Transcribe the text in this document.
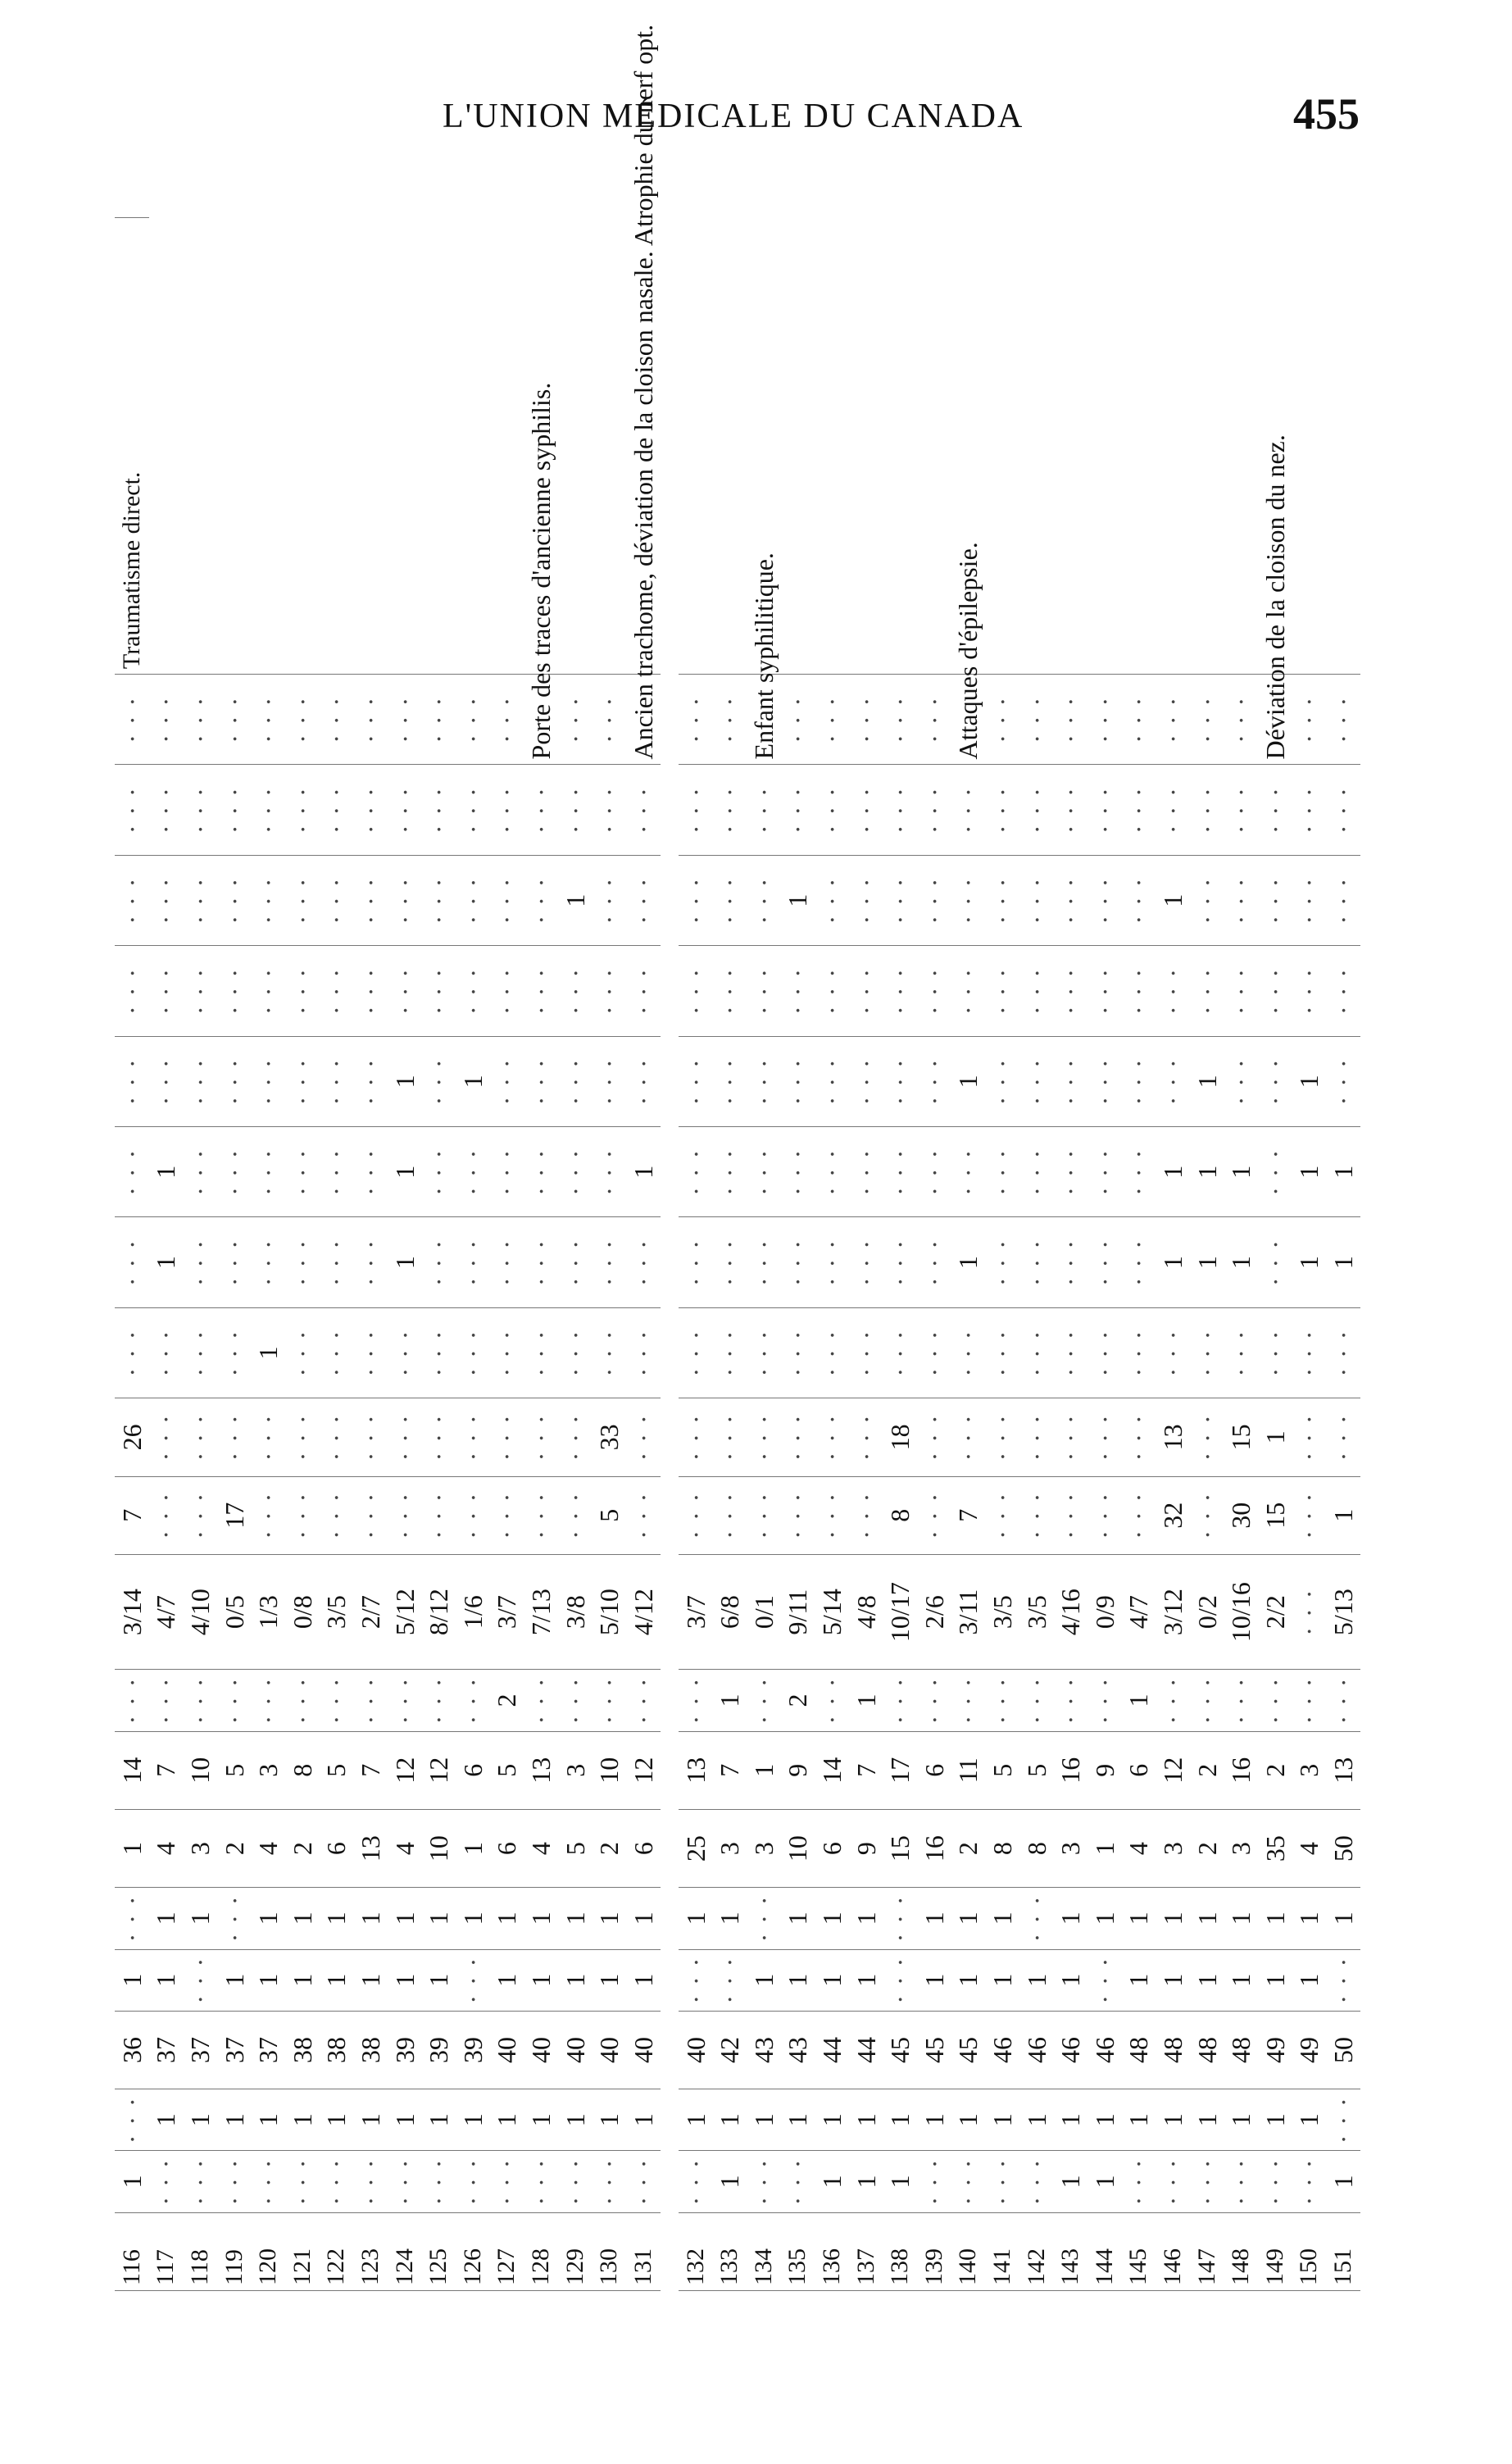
L'UNION MÉDICALE DU CANADA	455
116	1	· · ·	36	1	· · ·	1	14	· · ·	3/14	7	26	· · ·	· · ·	· · ·	· · ·	· · ·	· · ·	· · ·	· · ·	Traumatisme direct.
117	· · ·	1	37	1	1	4	7	· · ·	4/7	· · ·	· · ·	· · ·	1	1	· · ·	· · ·	· · ·	· · ·	· · ·	
118	· · ·	1	37	· · ·	1	3	10	· · ·	4/10	· · ·	· · ·	· · ·	· · ·	· · ·	· · ·	· · ·	· · ·	· · ·	· · ·	
119	· · ·	1	37	1	· · ·	2	5	· · ·	0/5	17	· · ·	· · ·	· · ·	· · ·	· · ·	· · ·	· · ·	· · ·	· · ·	
120	· · ·	1	37	1	1	4	3	· · ·	1/3	· · ·	· · ·	1	· · ·	· · ·	· · ·	· · ·	· · ·	· · ·	· · ·	
121	· · ·	1	38	1	1	2	8	· · ·	0/8	· · ·	· · ·	· · ·	· · ·	· · ·	· · ·	· · ·	· · ·	· · ·	· · ·	
122	· · ·	1	38	1	1	6	5	· · ·	3/5	· · ·	· · ·	· · ·	· · ·	· · ·	· · ·	· · ·	· · ·	· · ·	· · ·	
123	· · ·	1	38	1	1	13	7	· · ·	2/7	· · ·	· · ·	· · ·	· · ·	· · ·	· · ·	· · ·	· · ·	· · ·	· · ·	
124	· · ·	1	39	1	1	4	12	· · ·	5/12	· · ·	· · ·	· · ·	1	1	1	· · ·	· · ·	· · ·	· · ·	
125	· · ·	1	39	1	1	10	12	· · ·	8/12	· · ·	· · ·	· · ·	· · ·	· · ·	· · ·	· · ·	· · ·	· · ·	· · ·	
126	· · ·	1	39	· · ·	1	1	6	· · ·	1/6	· · ·	· · ·	· · ·	· · ·	· · ·	1	· · ·	· · ·	· · ·	· · ·	
127	· · ·	1	40	1	1	6	5	2	3/7	· · ·	· · ·	· · ·	· · ·	· · ·	· · ·	· · ·	· · ·	· · ·	· · ·	
128	· · ·	1	40	1	1	4	13	· · ·	7/13	· · ·	· · ·	· · ·	· · ·	· · ·	· · ·	· · ·	· · ·	· · ·	Porte des traces d'ancienne syphilis.	
129	· · ·	1	40	1	1	5	3	· · ·	3/8	· · ·	· · ·	· · ·	· · ·	· · ·	· · ·	· · ·	1	· · ·	· · ·	
130	· · ·	1	40	1	1	2	10	· · ·	5/10	5	33	· · ·	· · ·	· · ·	· · ·	· · ·	· · ·	· · ·	· · ·	
131	· · ·	1	40	1	1	6	12	· · ·	4/12	· · ·	· · ·	· · ·	· · ·	1	· · ·	· · ·	· · ·	· · ·	Ancien trachome, déviation de la cloison nasale. Atrophie du nerf opt.	

132	· · ·	1	40	· · ·	1	25	13	· · ·	3/7	· · ·	· · ·	· · ·	· · ·	· · ·	· · ·	· · ·	· · ·	· · ·	· · ·	
133	1	1	42	· · ·	1	3	7	1	6/8	· · ·	· · ·	· · ·	· · ·	· · ·	· · ·	· · ·	· · ·	· · ·	· · ·	
134	· · ·	1	43	1	· · ·	3	1	· · ·	0/1	· · ·	· · ·	· · ·	· · ·	· · ·	· · ·	· · ·	· · ·	· · ·	Enfant syphilitique.	
135	· · ·	1	43	1	1	10	9	2	9/11	· · ·	· · ·	· · ·	· · ·	· · ·	· · ·	· · ·	1	· · ·	· · ·	
136	1	1	44	1	1	6	14	· · ·	5/14	· · ·	· · ·	· · ·	· · ·	· · ·	· · ·	· · ·	· · ·	· · ·	· · ·	
137	1	1	44	1	1	9	7	1	4/8	· · ·	· · ·	· · ·	· · ·	· · ·	· · ·	· · ·	· · ·	· · ·	· · ·	
138	1	1	45	· · ·	· · ·	15	17	· · ·	10/17	8	18	· · ·	· · ·	· · ·	· · ·	· · ·	· · ·	· · ·	· · ·	
139	· · ·	1	45	1	1	16	6	· · ·	2/6	· · ·	· · ·	· · ·	· · ·	· · ·	· · ·	· · ·	· · ·	· · ·	· · ·	
140	· · ·	1	45	1	1	2	11	· · ·	3/11	7	· · ·	· · ·	1	· · ·	1	· · ·	· · ·	· · ·	Attaques d'épilepsie.	
141	· · ·	1	46	1	1	8	5	· · ·	3/5	· · ·	· · ·	· · ·	· · ·	· · ·	· · ·	· · ·	· · ·	· · ·	· · ·	
142	· · ·	1	46	1	· · ·	8	5	· · ·	3/5	· · ·	· · ·	· · ·	· · ·	· · ·	· · ·	· · ·	· · ·	· · ·	· · ·	
143	1	1	46	1	1	3	16	· · ·	4/16	· · ·	· · ·	· · ·	· · ·	· · ·	· · ·	· · ·	· · ·	· · ·	· · ·	
144	1	1	46	· · ·	1	1	9	· · ·	0/9	· · ·	· · ·	· · ·	· · ·	· · ·	· · ·	· · ·	· · ·	· · ·	· · ·	
145	· · ·	1	48	1	1	4	6	1	4/7	· · ·	· · ·	· · ·	· · ·	· · ·	· · ·	· · ·	· · ·	· · ·	· · ·	
146	· · ·	1	48	1	1	3	12	· · ·	3/12	32	13	· · ·	1	1	· · ·	· · ·	1	· · ·	· · ·	
147	· · ·	1	48	1	1	2	2	· · ·	0/2	· · ·	· · ·	· · ·	1	1	1	· · ·	· · ·	· · ·	· · ·	
148	· · ·	1	48	1	1	3	16	· · ·	10/16	30	15	· · ·	1	1	· · ·	· · ·	· · ·	· · ·	· · ·	
149	· · ·	1	49	1	1	35	2	· · ·	2/2	15	1	· · ·	· · ·	· · ·	· · ·	· · ·	· · ·	· · ·	Déviation de la cloison du nez.	
150	· · ·	1	49	1	1	4	3	· · ·	· · ·	· · ·	· · ·	· · ·	1	1	1	· · ·	· · ·	· · ·	· · ·	
151	1	· · ·	50	· · ·	1	50	13	· · ·	5/13	1	· · ·	· · ·	1	1	· · ·	· · ·	· · ·	· · ·	· · ·	
